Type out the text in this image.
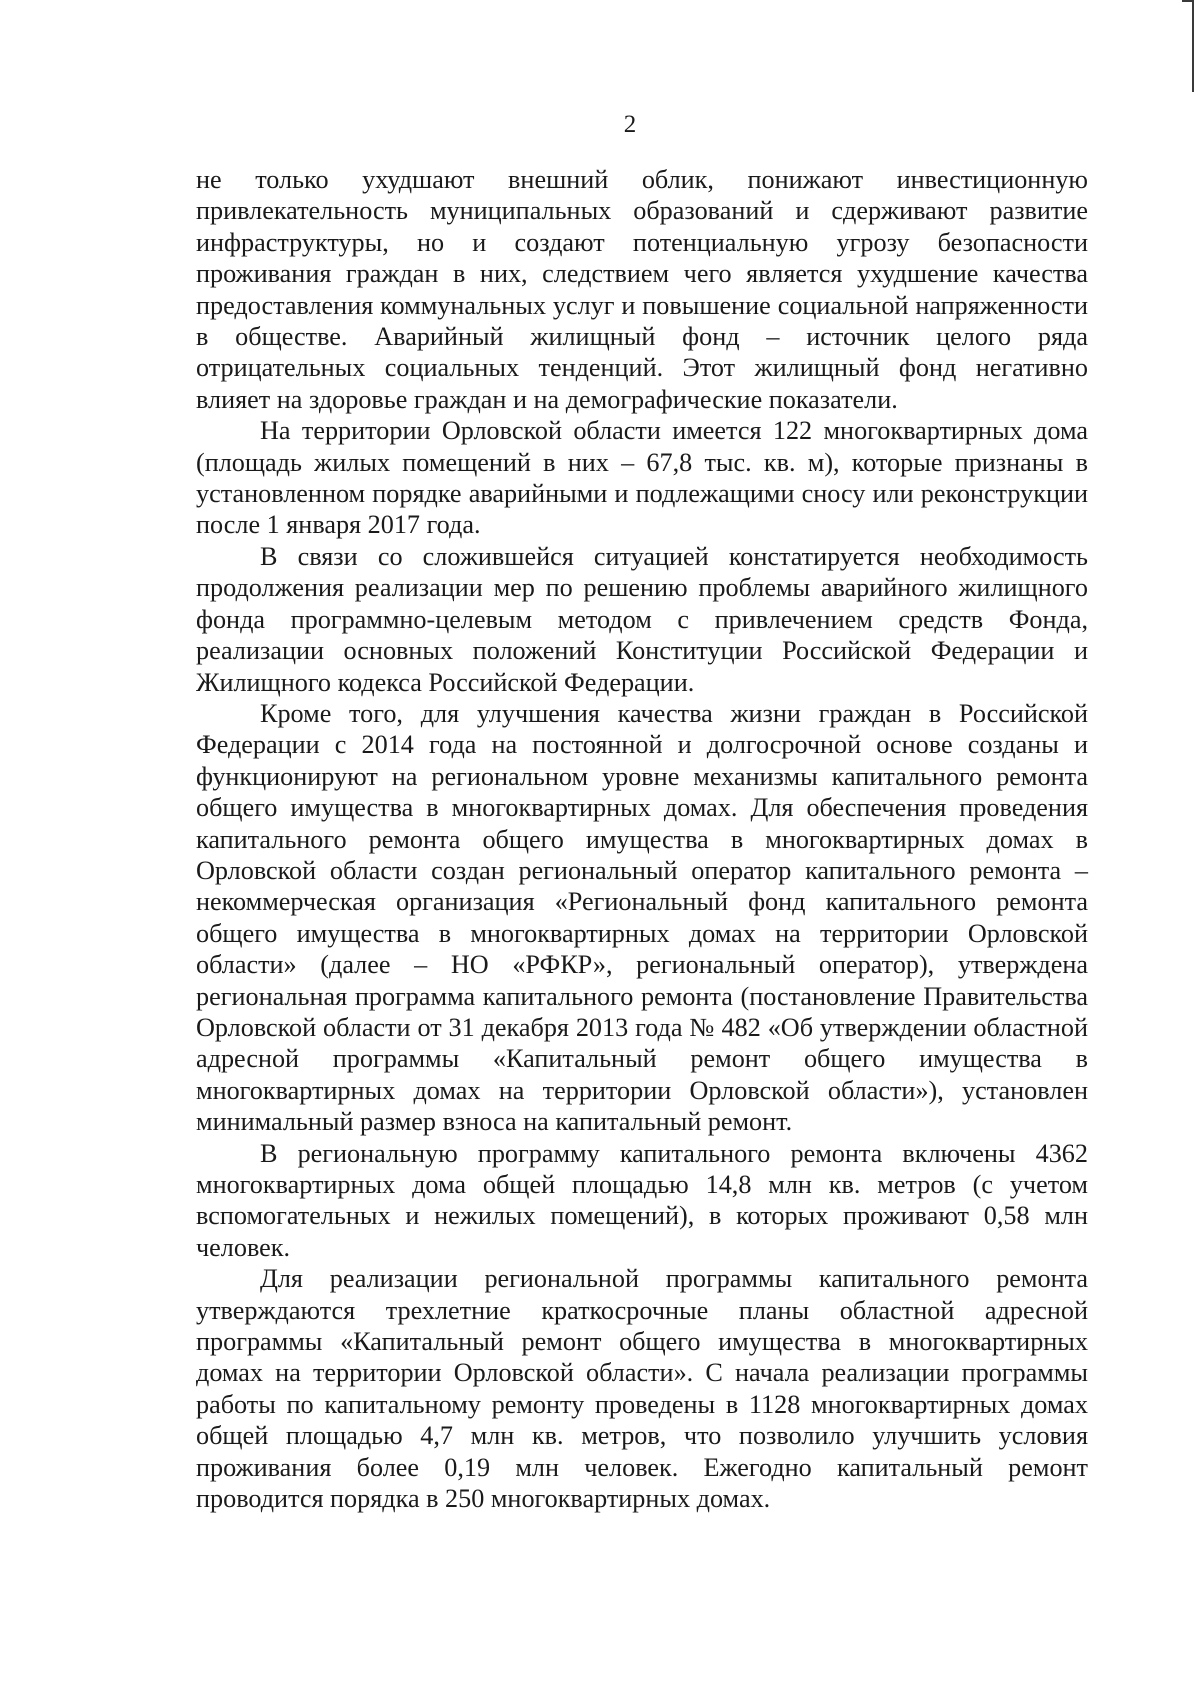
2

не только ухудшают внешний облик, понижают инвестиционную привлекательность муниципальных образований и сдерживают развитие инфраструктуры, но и создают потенциальную угрозу безопасности проживания граждан в них, следствием чего является ухудшение качества предоставления коммунальных услуг и повышение социальной напряженности в обществе. Аварийный жилищный фонд – источник целого ряда отрицательных социальных тенденций. Этот жилищный фонд негативно влияет на здоровье граждан и на демографические показатели.

На территории Орловской области имеется 122 многоквартирных дома (площадь жилых помещений в них – 67,8 тыс. кв. м), которые признаны в установленном порядке аварийными и подлежащими сносу или реконструкции после 1 января 2017 года.

В связи со сложившейся ситуацией констатируется необходимость продолжения реализации мер по решению проблемы аварийного жилищного фонда программно-целевым методом с привлечением средств Фонда, реализации основных положений Конституции Российской Федерации и Жилищного кодекса Российской Федерации.

Кроме того, для улучшения качества жизни граждан в Российской Федерации с 2014 года на постоянной и долгосрочной основе созданы и функционируют на региональном уровне механизмы капитального ремонта общего имущества в многоквартирных домах. Для обеспечения проведения капитального ремонта общего имущества в многоквартирных домах в Орловской области создан региональный оператор капитального ремонта – некоммерческая организация «Региональный фонд капитального ремонта общего имущества в многоквартирных домах на территории Орловской области» (далее – НО «РФКР», региональный оператор), утверждена региональная программа капитального ремонта (постановление Правительства Орловской области от 31 декабря 2013 года № 482 «Об утверждении областной адресной программы «Капитальный ремонт общего имущества в многоквартирных домах на территории Орловской области»), установлен минимальный размер взноса на капитальный ремонт.

В региональную программу капитального ремонта включены 4362 многоквартирных дома общей площадью 14,8 млн кв. метров (с учетом вспомогательных и нежилых помещений), в которых проживают 0,58 млн человек.

Для реализации региональной программы капитального ремонта утверждаются трехлетние краткосрочные планы областной адресной программы «Капитальный ремонт общего имущества в многоквартирных домах на территории Орловской области». С начала реализации программы работы по капитальному ремонту проведены в 1128 многоквартирных домах общей площадью 4,7 млн кв. метров, что позволило улучшить условия проживания более 0,19 млн человек. Ежегодно капитальный ремонт проводится порядка в 250 многоквартирных домах.
